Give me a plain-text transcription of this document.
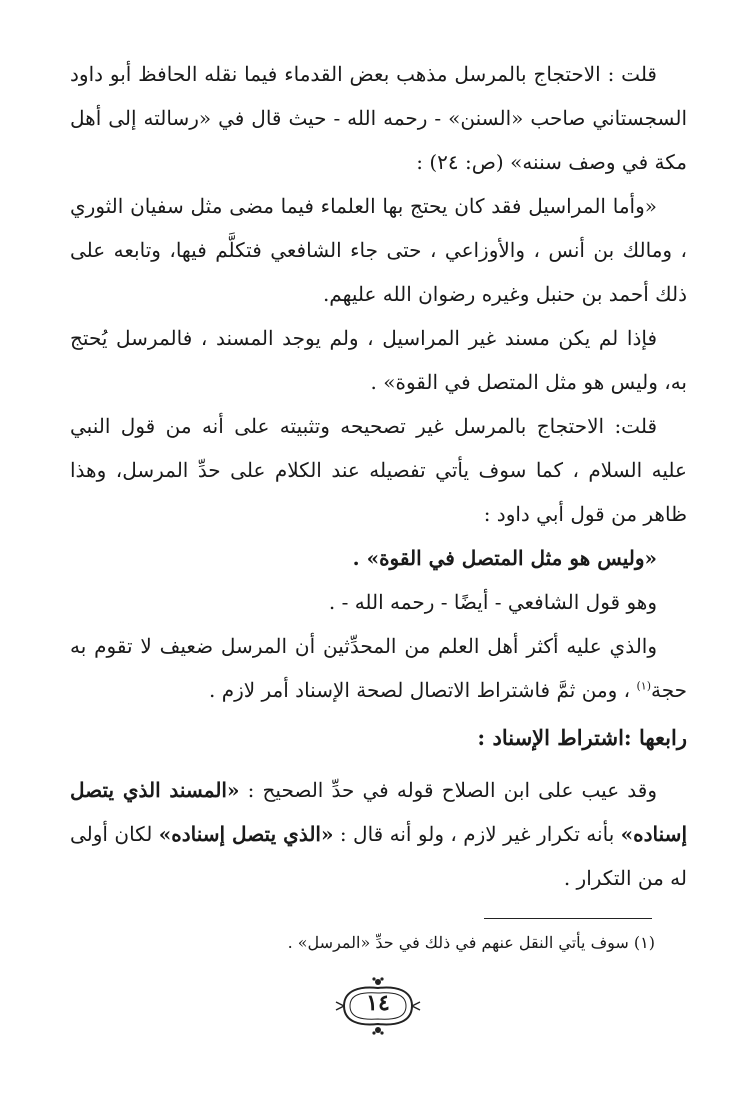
قلت : الاحتجاج بالمرسل مذهب بعض القدماء فيما نقله الحافظ أبو داود السجستاني صاحب «السنن» - رحمه الله - حيث قال في «رسالته إلى أهل مكة في وصف سننه» (ص: ٢٤) :

«وأما المراسيل فقد كان يحتج بها العلماء فيما مضى مثل سفيان الثوري ، ومالك بن أنس ، والأوزاعي ، حتى جاء الشافعي فتكلَّم فيها، وتابعه على ذلك أحمد بن حنبل وغيره رضوان الله عليهم.

فإذا لم يكن مسند غير المراسيل ، ولم يوجد المسند ، فالمرسل يُحتج به، وليس هو مثل المتصل في القوة» .

قلت: الاحتجاج بالمرسل غير تصحيحه وتثبيته على أنه من قول النبي عليه السلام ، كما سوف يأتي تفصيله عند الكلام على حدِّ المرسل، وهذا ظاهر من قول أبي داود :

«وليس هو مثل المتصل في القوة» .

وهو قول الشافعي - أيضًا - رحمه الله - .

والذي عليه أكثر أهل العلم من المحدِّثين أن المرسل ضعيف لا تقوم به حجة$^{(١)}$ ، ومن ثمَّ فاشتراط الاتصال لصحة الإسناد أمر لازم .

رابعها :اشتراط الإسناد :

وقد عيب على ابن الصلاح قوله في حدِّ الصحيح : «المسند الذي يتصل إسناده» بأنه تكرار غير لازم ، ولو أنه قال : «الذي يتصل إسناده» لكان أولى له من التكرار .

(١) سوف يأتي النقل عنهم في ذلك في حدِّ «المرسل» .
١٤
